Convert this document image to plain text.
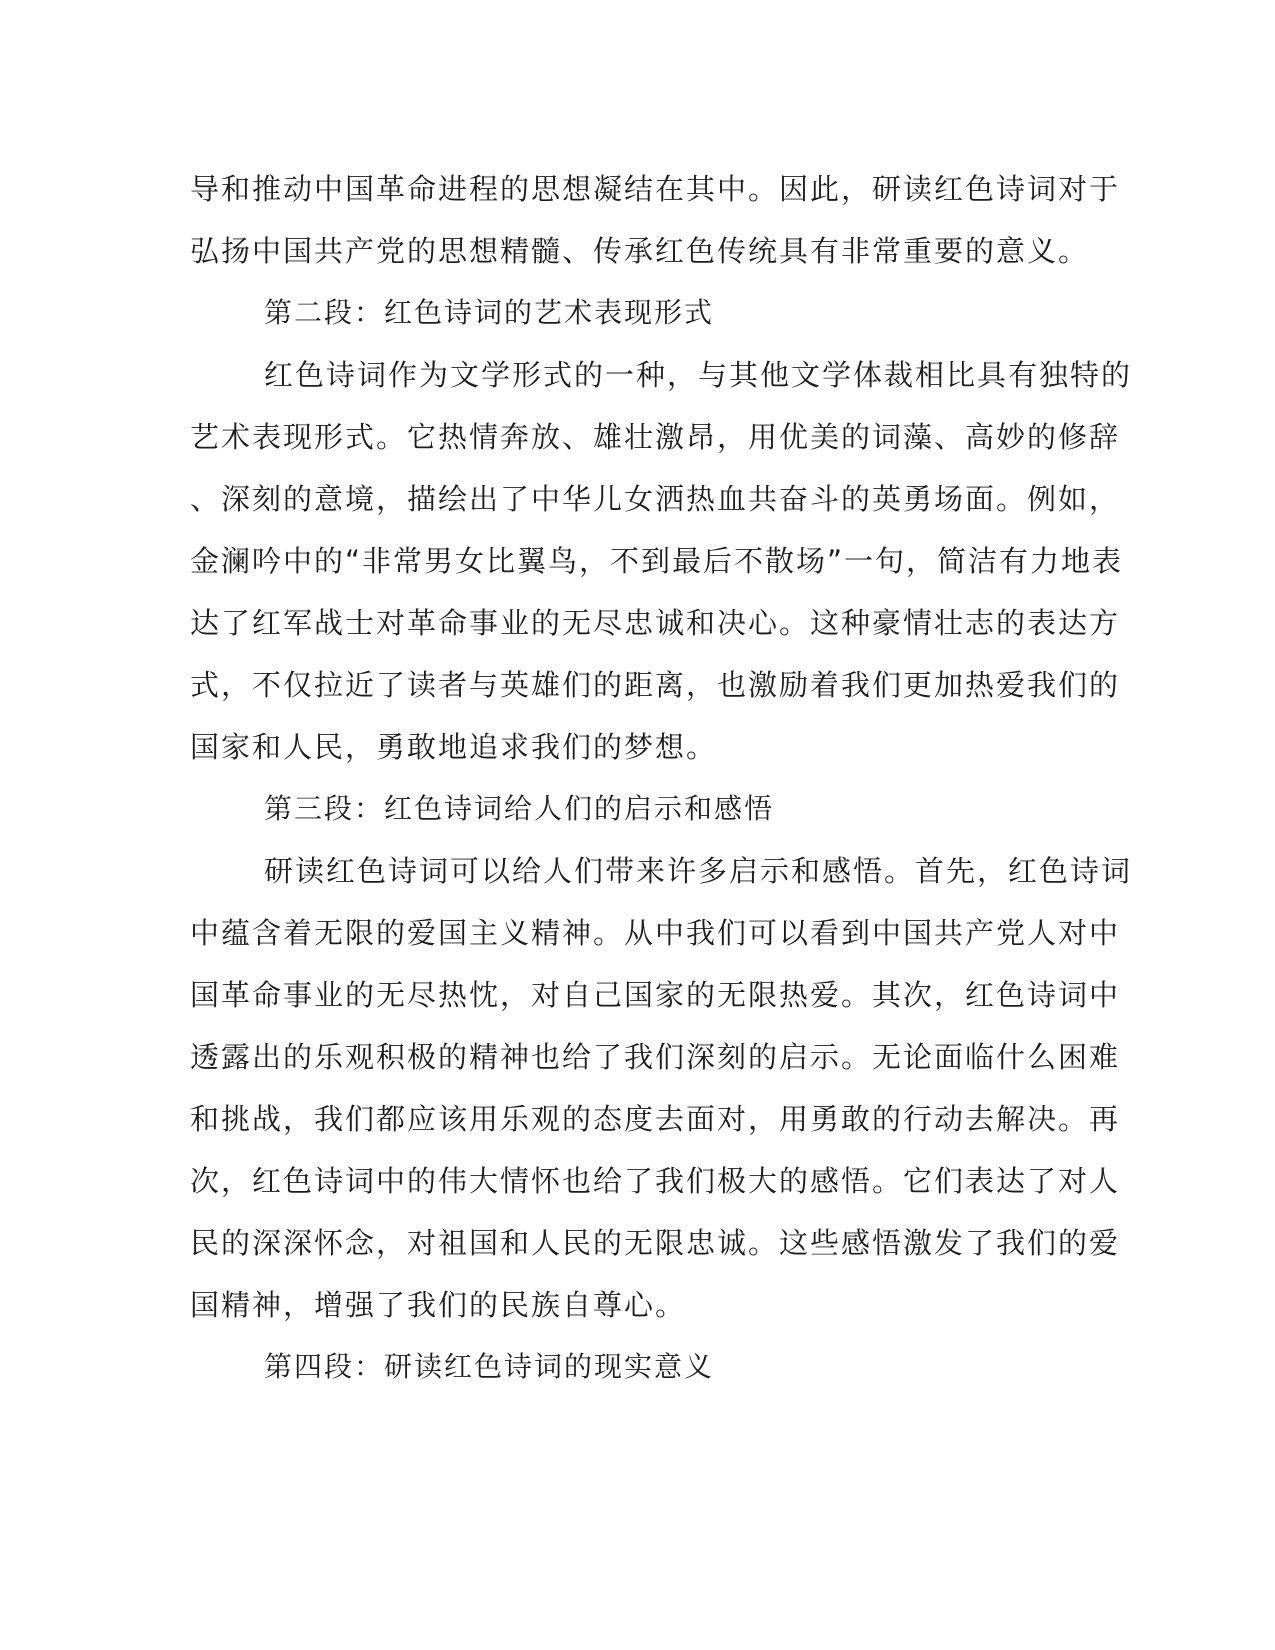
导和推动中国革命进程的思想凝结在其中。因此，研读红色诗词对于
弘扬中国共产党的思想精髓、传承红色传统具有非常重要的意义。
第二段：红色诗词的艺术表现形式
红色诗词作为文学形式的一种，与其他文学体裁相比具有独特的
艺术表现形式。它热情奔放、雄壮激昂，用优美的词藻、高妙的修辞
、深刻的意境，描绘出了中华儿女洒热血共奋斗的英勇场面。例如，
金澜吟中的“非常男女比翼鸟，不到最后不散场”一句，简洁有力地表
达了红军战士对革命事业的无尽忠诚和决心。这种豪情壮志的表达方
式，不仅拉近了读者与英雄们的距离，也激励着我们更加热爱我们的
国家和人民，勇敢地追求我们的梦想。
第三段：红色诗词给人们的启示和感悟
研读红色诗词可以给人们带来许多启示和感悟。首先，红色诗词
中蕴含着无限的爱国主义精神。从中我们可以看到中国共产党人对中
国革命事业的无尽热忱，对自己国家的无限热爱。其次，红色诗词中
透露出的乐观积极的精神也给了我们深刻的启示。无论面临什么困难
和挑战，我们都应该用乐观的态度去面对，用勇敢的行动去解决。再
次，红色诗词中的伟大情怀也给了我们极大的感悟。它们表达了对人
民的深深怀念，对祖国和人民的无限忠诚。这些感悟激发了我们的爱
国精神，增强了我们的民族自尊心。
第四段：研读红色诗词的现实意义
